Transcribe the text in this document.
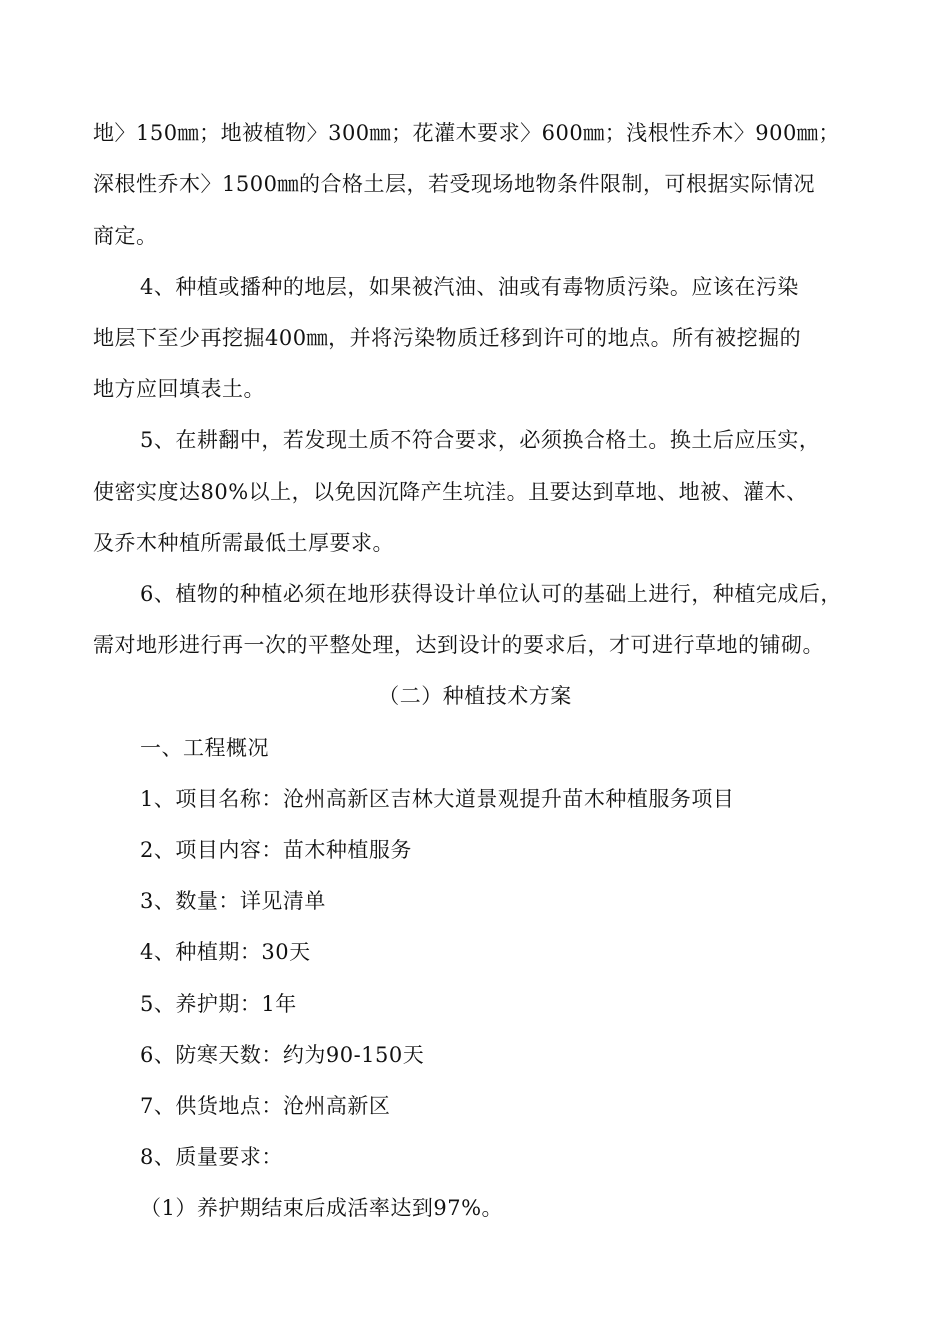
地〉150㎜；地被植物〉300㎜；花灌木要求〉600㎜；浅根性乔木〉900㎜；
深根性乔木〉1500㎜的合格土层，若受现场地物条件限制，可根据实际情况
商定。
4、种植或播种的地层，如果被汽油、油或有毒物质污染。应该在污染
地层下至少再挖掘400㎜，并将污染物质迁移到许可的地点。所有被挖掘的
地方应回填表土。
5、在耕翻中，若发现土质不符合要求，必须换合格土。换土后应压实，
使密实度达80%以上，以免因沉降产生坑洼。且要达到草地、地被、灌木、
及乔木种植所需最低土厚要求。
6、植物的种植必须在地形获得设计单位认可的基础上进行，种植完成后，
需对地形进行再一次的平整处理，达到设计的要求后，才可进行草地的铺砌。
（二）种植技术方案
一、工程概况
1、项目名称：沧州高新区吉林大道景观提升苗木种植服务项目
2、项目内容：苗木种植服务
3、数量：详见清单
4、种植期：30天
5、养护期：1年
6、防寒天数：约为90-150天
7、供货地点：沧州高新区
8、质量要求：
（1）养护期结束后成活率达到97%。
